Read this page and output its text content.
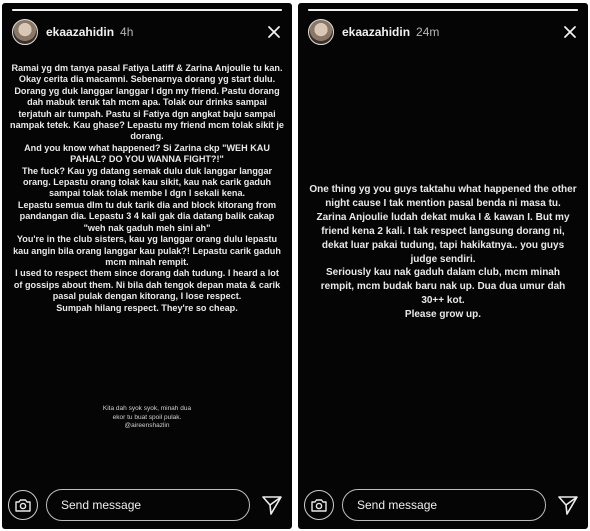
ekaazahidin 4h
Ramai yg dm tanya pasal Fatiya Latiff & Zarina Anjoulie tu kan. Okay cerita dia macamni. Sebenarnya dorang yg start dulu. Dorang yg duk langgar langgar I dgn my friend. Pastu dorang dah mabuk teruk tah mcm apa. Tolak our drinks sampai terjatuh air tumpah. Pastu si Fatiya dgn angkat baju sampai nampak tetek. Kau ghase? Lepastu my friend mcm tolak sikit je dorang.
And you know what happened? Si Zarina ckp "WEH KAU PAHAL? DO YOU WANNA FIGHT?!"
The fuck? Kau yg datang semak dulu duk langgar langgar orang. Lepastu orang tolak kau sikit, kau nak carik gaduh sampai tolak tolak membe I dgn I sekali kena.
Lepastu semua dlm tu duk tarik dia and block kitorang from pandangan dia. Lepastu 3 4 kali gak dia datang balik cakap "weh nak gaduh meh sini ah"
You're in the club sisters, kau yg langgar orang dulu lepastu kau angin bila orang langgar kau pulak?! Lepastu carik gaduh mcm minah rempit.
I used to respect them since dorang dah tudung. I heard a lot of gossips about them. Ni bila dah tengok depan mata & carik pasal pulak dengan kitorang, I lose respect.
Sumpah hilang respect. They're so cheap.
Kita dah syok syok, minah dua
ekor tu buat spoil pulak.
@aireenshazlin
Send message
ekaazahidin 24m
One thing yg you guys taktahu what happened the other night cause I tak mention pasal benda ni masa tu.
Zarina Anjoulie ludah dekat muka I & kawan I. But my friend kena 2 kali. I tak respect langsung dorang ni, dekat luar pakai tudung, tapi hakikatnya.. you guys judge sendiri.
Seriously kau nak gaduh dalam club, mcm minah rempit, mcm budak baru nak up. Dua dua umur dah 30++ kot.
Please grow up.
Send message
